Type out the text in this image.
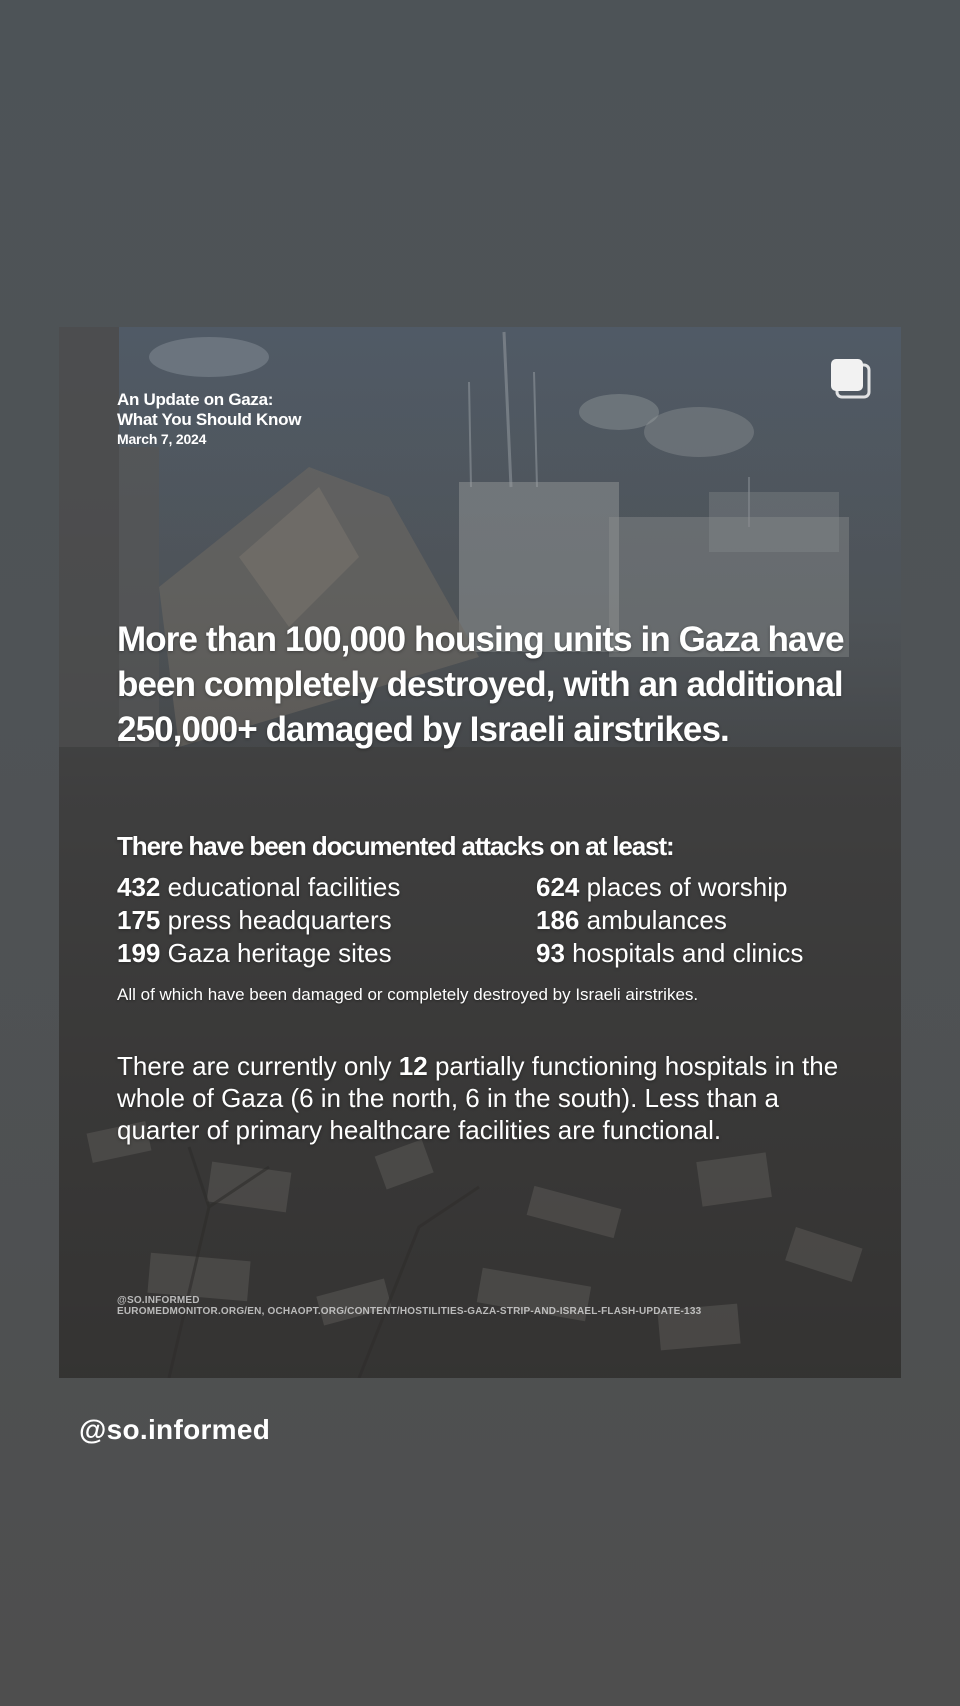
An Update on Gaza:

What You Should Know

March 7, 2024

More than 100,000 housing units in Gaza have been completely destroyed, with an additional 250,000+ damaged by Israeli airstrikes.
There have been documented attacks on at least:
432 educational facilities
175 press headquarters
199 Gaza heritage sites
624 places of worship
186 ambulances
93 hospitals and clinics

All of which have been damaged or completely destroyed by Israeli airstrikes.

There are currently only 12 partially functioning hospitals in the whole of Gaza (6 in the north, 6 in the south). Less than a quarter of primary healthcare facilities are functional.

@SO.INFORMED
EUROMEDMONITOR.ORG/EN, OCHAOPT.ORG/CONTENT/HOSTILITIES-GAZA-STRIP-AND-ISRAEL-FLASH-UPDATE-133
@so.informed
